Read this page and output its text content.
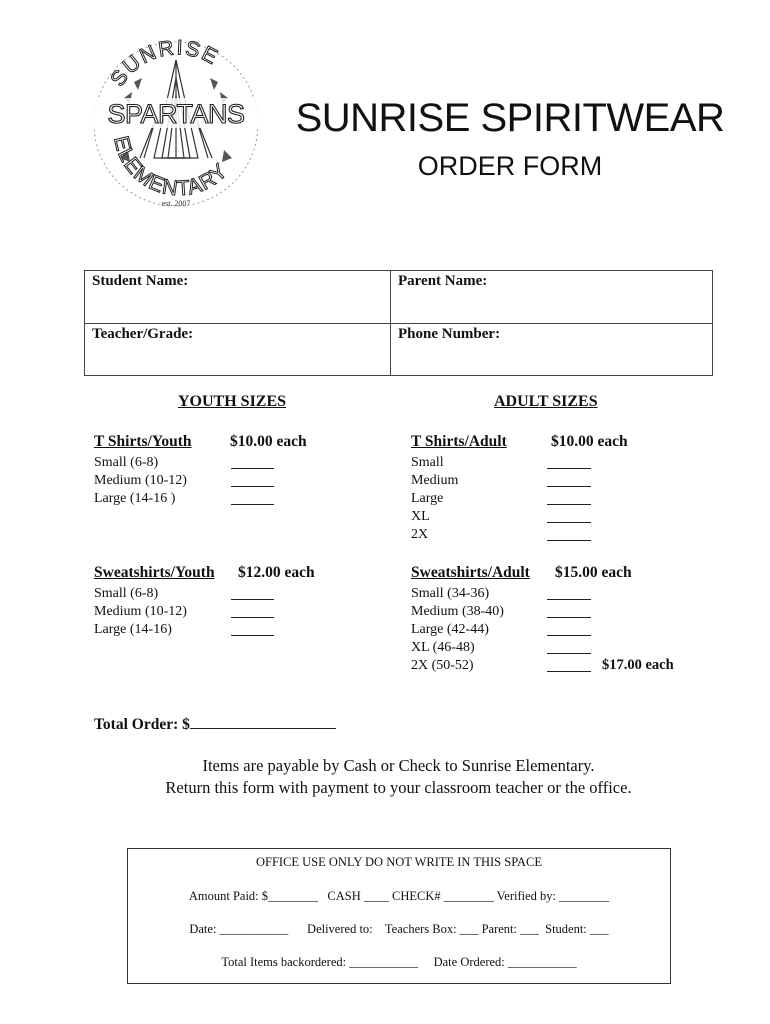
SUNRISE
SPARTANS
ELEMENTARY
est. 2007
SUNRISE SPIRITWEAR
ORDER FORM
Student Name:	Parent Name:
Teacher/Grade:	Phone Number:
YOUTH SIZES	ADULT SIZES
T Shirts/Youth $10.00 each
Small (6-8)
Medium (10-12)
Large (14-16 )
T Shirts/Adult	$10.00 each
Small
Medium
Large
XL
2X
Sweatshirts/Youth $12.00 each
Small (6-8)
Medium (10-12)
Large (14-16)
Sweatshirts/Adult $15.00 each
Small (34-36)
Medium (38-40)
Large (42-44)
XL (46-48)
2X (50-52)	$17.00 each
Total Order: $
Items are payable by Cash or Check to Sunrise Elementary.
Return this form with payment to your classroom teacher or the office.
OFFICE USE ONLY DO NOT WRITE IN THIS SPACE
Amount Paid: $________   CASH ____ CHECK# ________ Verified by: ________
Date: ___________      Delivered to:    Teachers Box: ___ Parent: ___  Student: ___
Total Items backordered: ___________     Date Ordered: ___________
